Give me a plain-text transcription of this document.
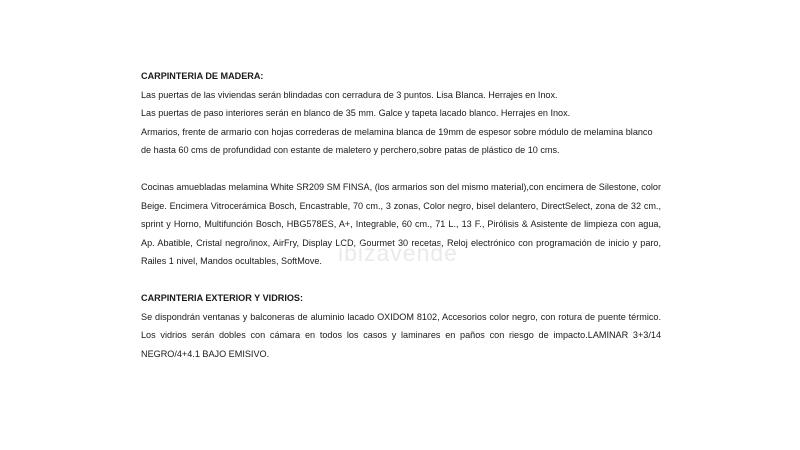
CARPINTERIA DE MADERA:

Las puertas de las viviendas serán blindadas con cerradura de 3 puntos. Lisa Blanca. Herrajes en Inox.

Las puertas de paso interiores serán en blanco de 35 mm. Galce y tapeta lacado blanco. Herrajes en Inox.

Armarios, frente de armario con hojas correderas de melamina blanca de 19mm de espesor sobre módulo de melamina blanco de hasta 60 cms de profundidad con estante de maletero y perchero,sobre patas de plástico de 10 cms.

Cocinas amuebladas melamina White SR209 SM FINSA, (los armarios son del mismo material),con encimera de Silestone, color Beige. Encimera Vitrocerámica Bosch, Encastrable, 70 cm., 3 zonas, Color negro, bisel delantero, DirectSelect, zona de 32 cm., sprint y Horno, Multifunción Bosch, HBG578ES, A+, Integrable, 60 cm., 71 L., 13 F., Pirólisis & Asistente de limpieza con agua, Ap. Abatible, Cristal negro/inox, AirFry, Display LCD, Gourmet 30 recetas, Reloj electrónico con programación de inicio y paro, Railes 1 nivel, Mandos ocultables, SoftMove.

CARPINTERIA EXTERIOR Y VIDRIOS:

Se dispondrán ventanas y balconeras de aluminio lacado OXIDOM 8102, Accesorios color negro, con rotura de puente térmico. Los vidrios serán dobles con cámara en todos los casos y laminares en paños con riesgo de impacto.LAMINAR 3+3/14 NEGRO/4+4.1 BAJO EMISIVO.

ibizavende
